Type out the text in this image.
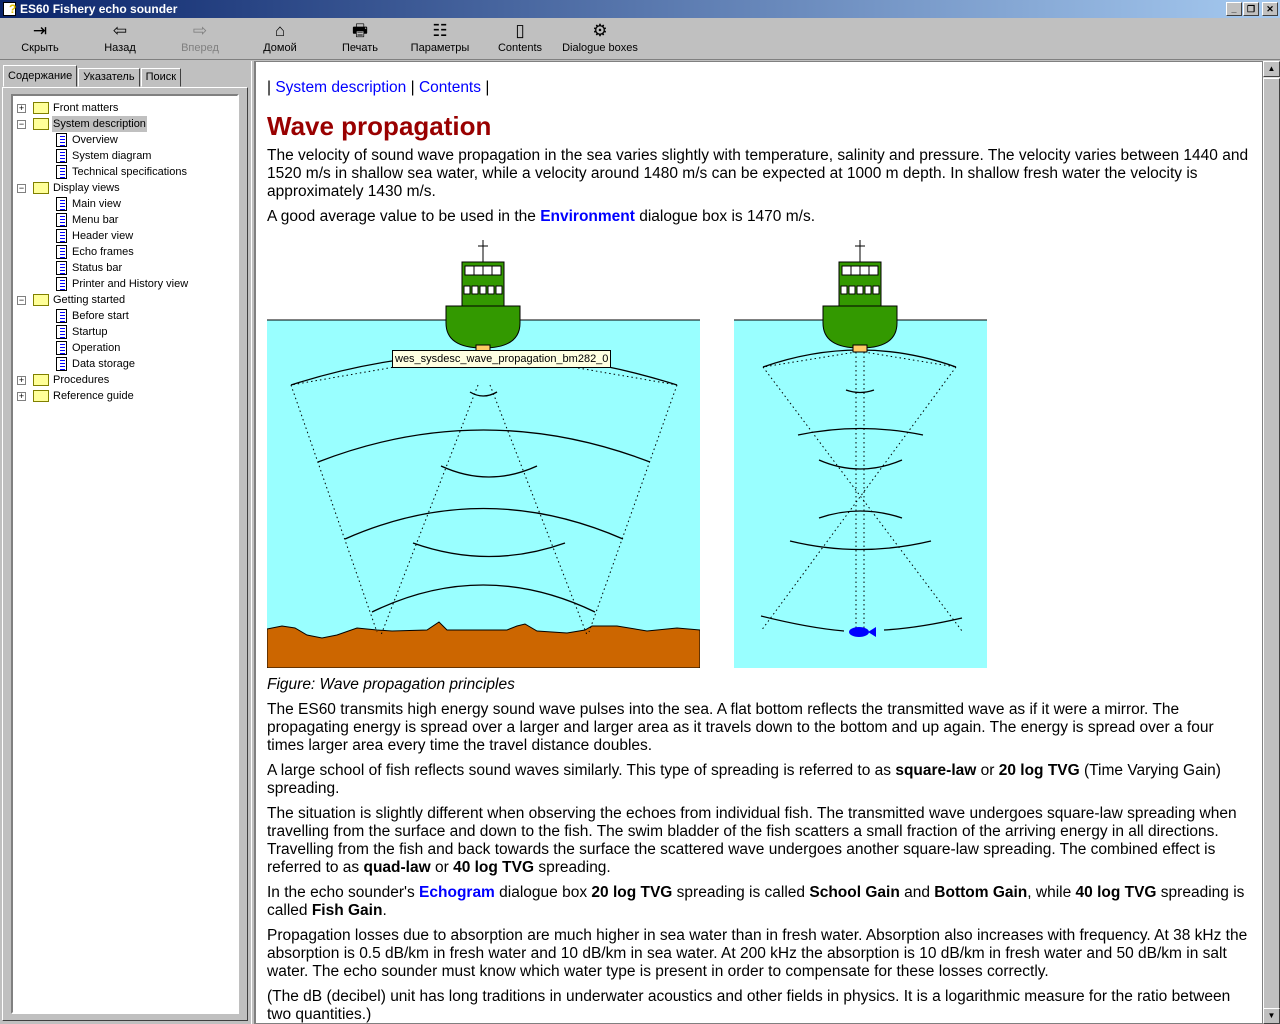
?
ES60 Fishery echo sounder	_	❐	✕
⇥
Скрыть
⇦
Назад
⇨
Вперед
⌂
Домой
🖶
Печать
☷
Параметры
▯
Contents
⚙
Dialogue boxes
Содержание	Указатель	Поиск
+	Front matters
−	System description
Overview
System diagram
Technical specifications
−	Display views
Main view
Menu bar
Header view
Echo frames
Status bar
Printer and History view
−	Getting started
Before start
Startup
Operation
Data storage
+	Procedures
+	Reference guide
| System description | Contents |
Wave propagation

The velocity of sound wave propagation in the sea varies slightly with temperature, salinity and pressure. The velocity varies between 1440 and 1520 m/s in shallow sea water, while a velocity around 1480 m/s can be expected at 1000 m depth. In shallow fresh water the velocity is approximately 1430 m/s.

A good average value to be used in the Environment dialogue box is 1470 m/s.

wes_sysdesc_wave_propagation_bm282_0
Figure: Wave propagation principles

The ES60 transmits high energy sound wave pulses into the sea. A flat bottom reflects the transmitted wave as if it were a mirror. The propagating energy is spread over a larger and larger area as it travels down to the bottom and up again. The energy is spread over a four times larger area every time the travel distance doubles.

A large school of fish reflects sound waves similarly. This type of spreading is referred to as square-law or 20 log TVG (Time Varying Gain) spreading.

The situation is slightly different when observing the echoes from individual fish. The transmitted wave undergoes square-law spreading when travelling from the surface and down to the fish. The swim bladder of the fish scatters a small fraction of the arriving energy in all directions. Travelling from the fish and back towards the surface the scattered wave undergoes another square-law spreading. The combined effect is referred to as quad-law or 40 log TVG spreading.

In the echo sounder's Echogram dialogue box 20 log TVG spreading is called School Gain and Bottom Gain, while 40 log TVG spreading is called Fish Gain.

Propagation losses due to absorption are much higher in sea water than in fresh water. Absorption also increases with frequency. At 38 kHz the absorption is 0.5 dB/km in fresh water and 10 dB/km in sea water. At 200 kHz the absorption is 10 dB/km in fresh water and 50 dB/km in salt water. The echo sounder must know which water type is present in order to compensate for these losses correctly.

(The dB (decibel) unit has long traditions in underwater acoustics and other fields in physics. It is a logarithmic measure for the ratio between two quantities.)

▲
▼
